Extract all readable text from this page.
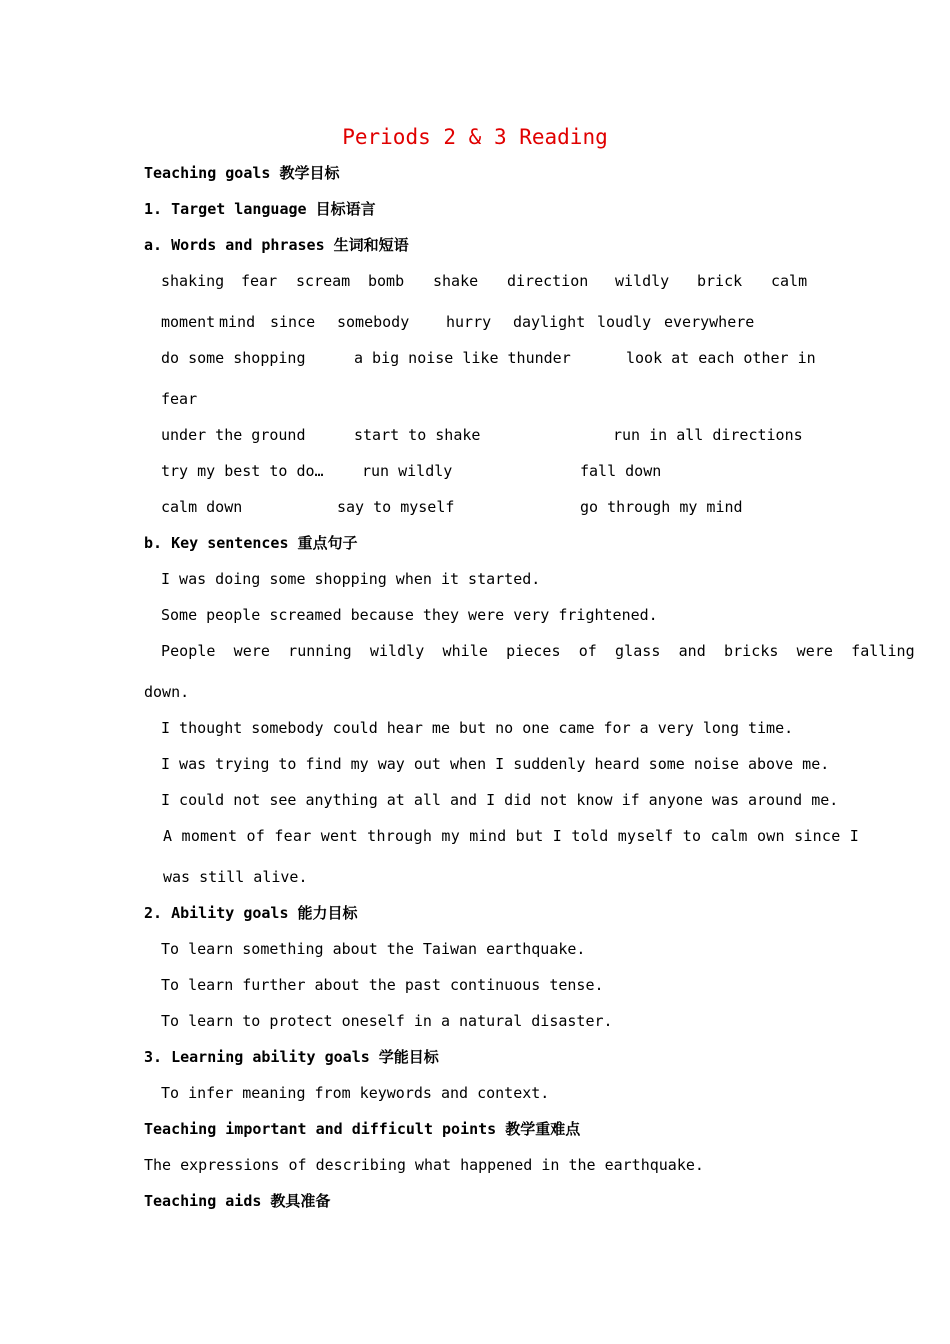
Periods 2 & 3 Reading
Teaching goals 教学目标
1. Target language 目标语言
a. Words and phrases 生词和短语
shaking fear scream bomb shake direction wildly brick calm
moment mind since somebody hurry daylight loudly everywhere
do some shopping	a big noise like thunder	look at each other in
fear
under the ground	start to shake	run in all directions
try my best to do…	run wildly	fall down
calm down	say to myself	go through my mind
b. Key sentences 重点句子
I was doing some shopping when it started.
Some people screamed because they were very frightened.
People  were  running  wildly  while  pieces  of  glass  and  bricks  were  falling
down.
I thought somebody could hear me but no one came for a very long time.
I was trying to find my way out when I suddenly heard some noise above me.
I could not see anything at all and I did not know if anyone was around me.
A moment of fear went through my mind but I told myself to calm own since I
was still alive.
2. Ability goals 能力目标
To learn something about the Taiwan earthquake.
To learn further about the past continuous tense.
To learn to protect oneself in a natural disaster.
3. Learning ability goals 学能目标
To infer meaning from keywords and context.
Teaching important and difficult points 教学重难点
The expressions of describing what happened in the earthquake.
Teaching aids 教具准备
